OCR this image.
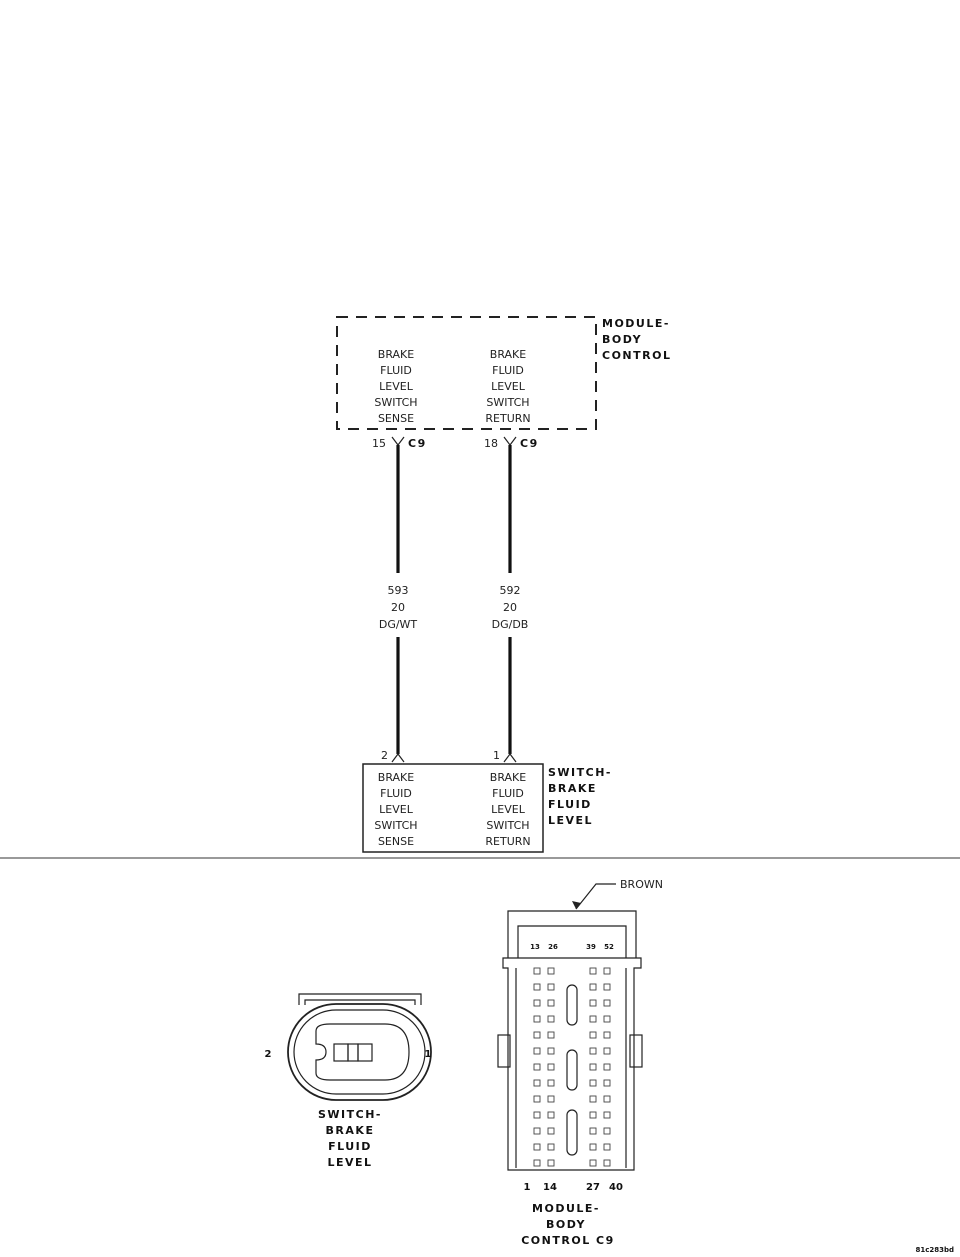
BRAKE
FLUID
LEVEL
SWITCH
SENSE
BRAKE
FLUID
LEVEL
SWITCH
RETURN
MODULE-
BODY
CONTROL
15 C9	18 C9
593
20
DG/WT
592
20
DG/DB
2	1
BRAKE
FLUID
LEVEL
SWITCH
SENSE
BRAKE
FLUID
LEVEL
SWITCH
RETURN
SWITCH-
BRAKE
FLUID
LEVEL
2	1
SWITCH-
BRAKE
FLUID
LEVEL
BROWN
13 26	39 52
1 14	27 40
MODULE-
BODY
CONTROL C9
81c283bd
